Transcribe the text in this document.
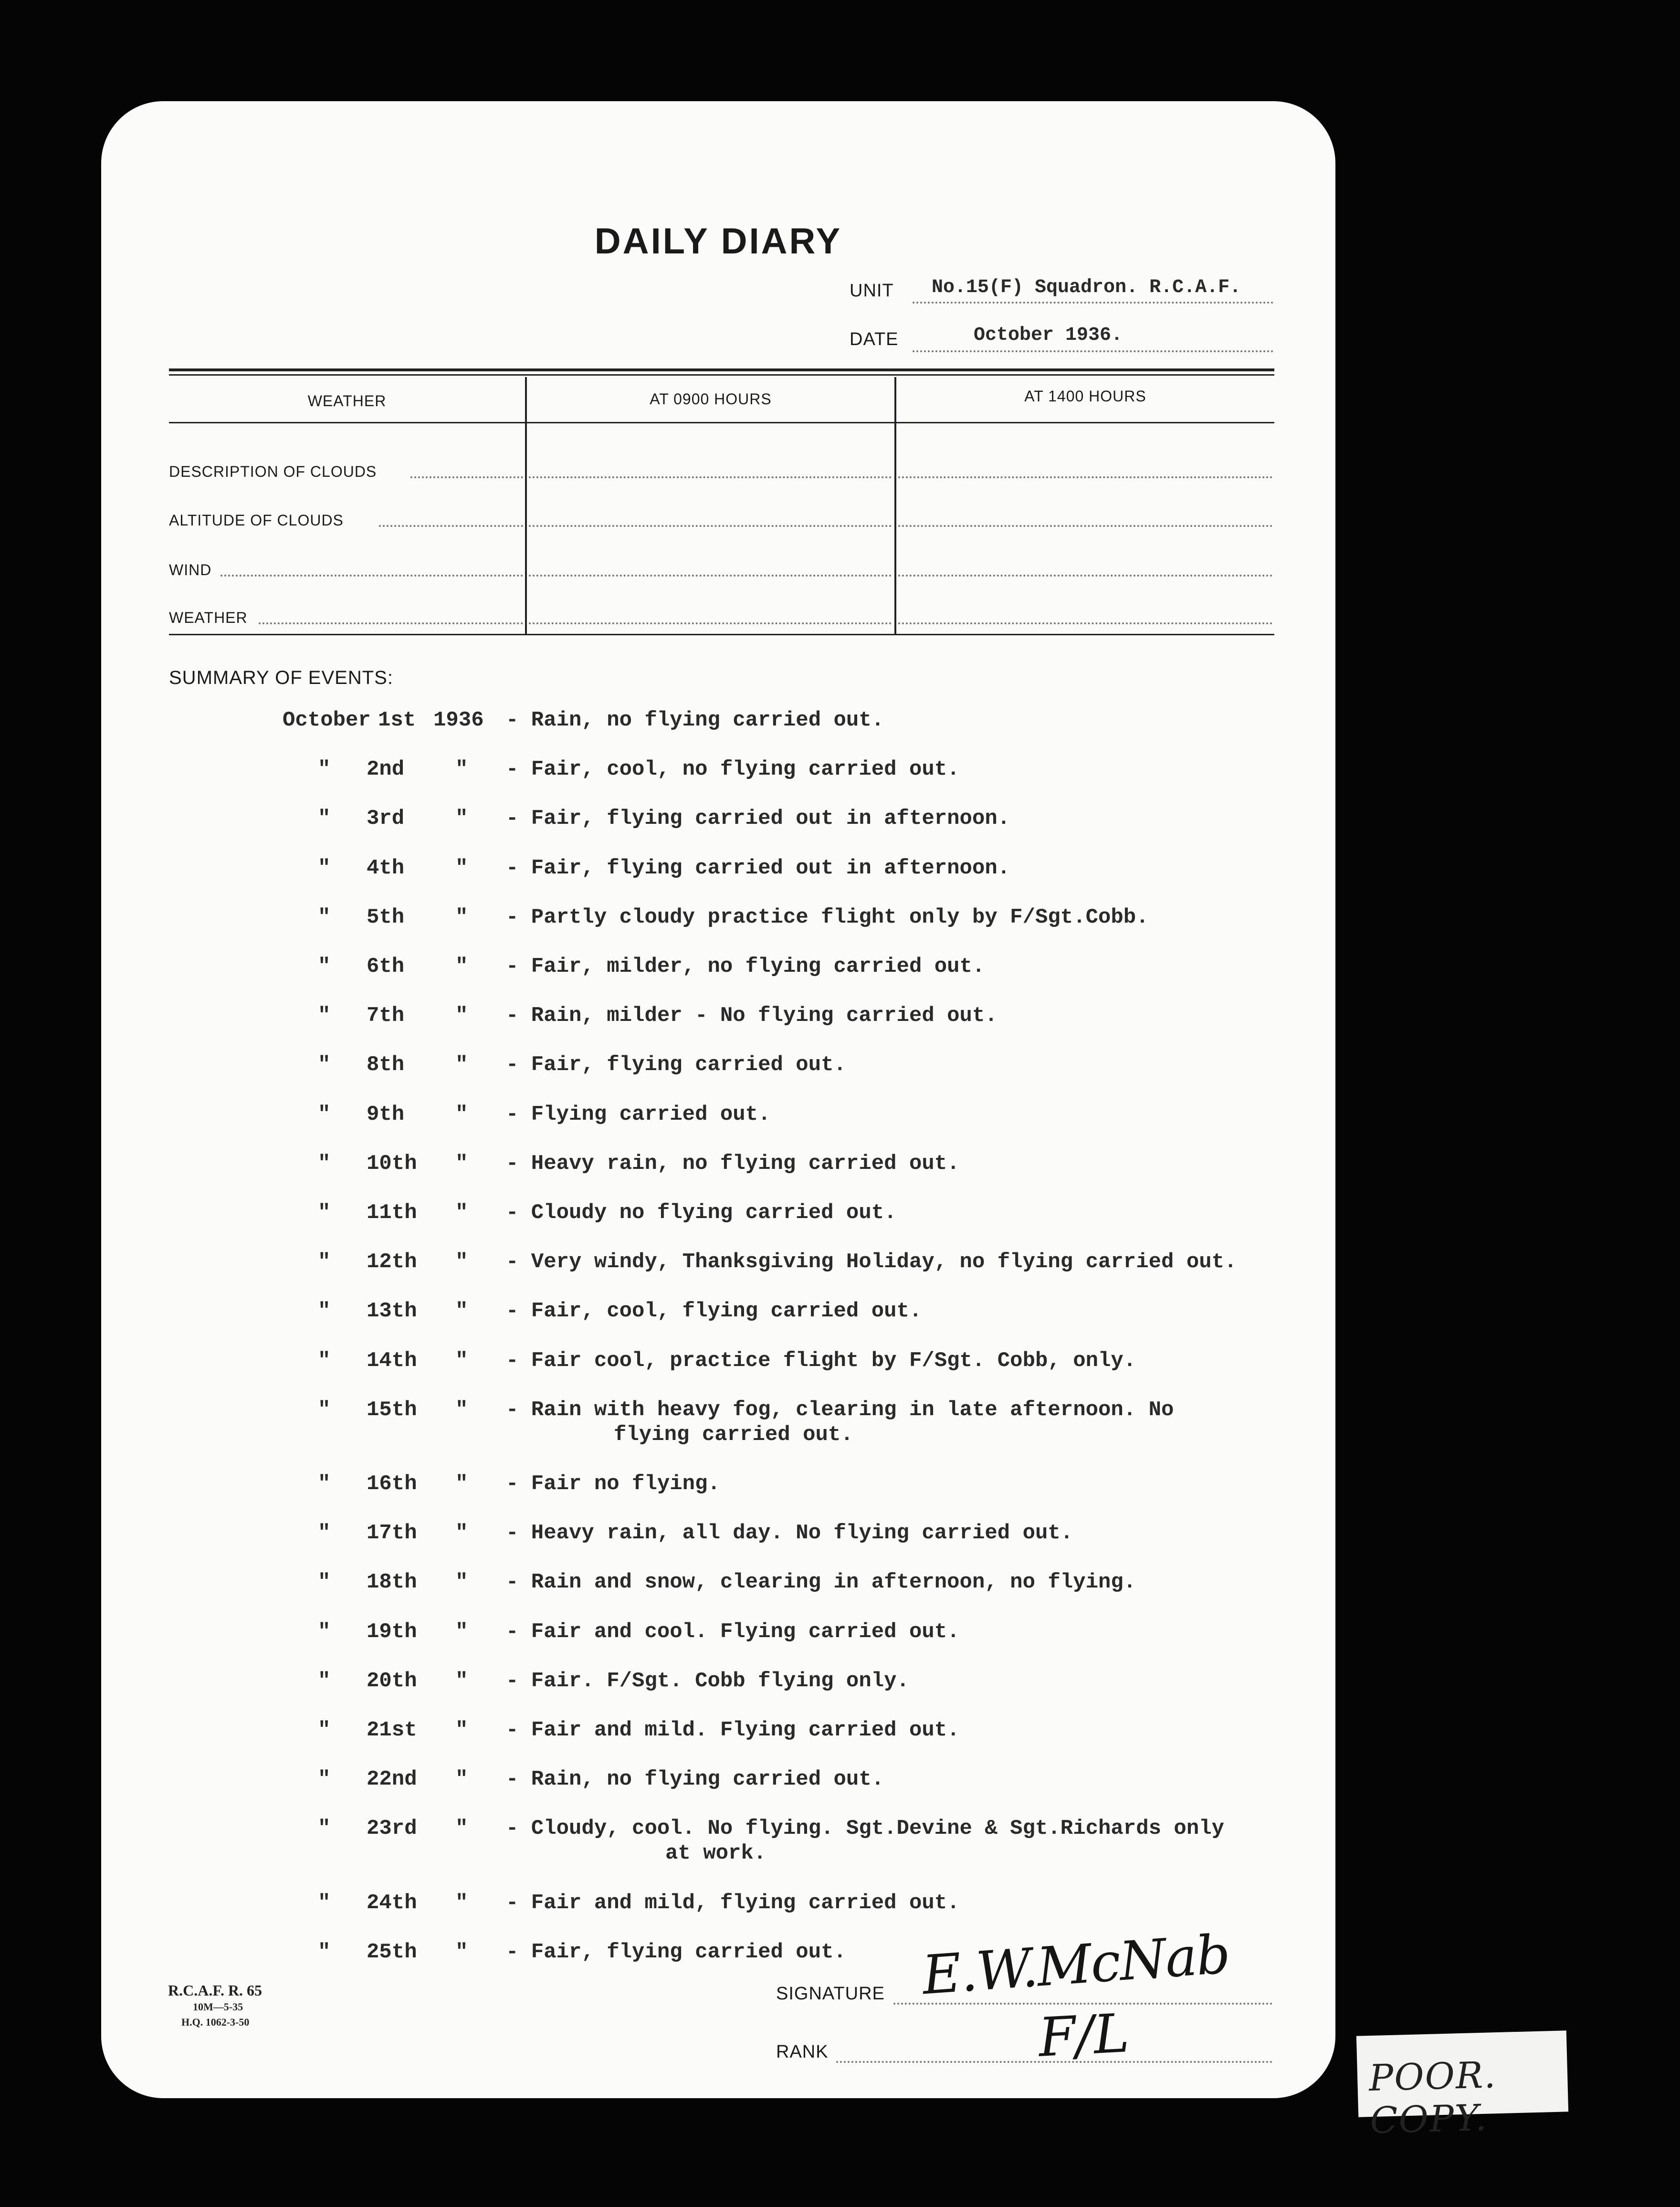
DAILY DIARY
UNIT No.15(F) Squadron. R.C.A.F.
DATE	October 1936.
WEATHER	AT 0900 HOURS	AT 1400 HOURS
DESCRIPTION OF CLOUDS
ALTITUDE OF CLOUDS
WIND
WEATHER
SUMMARY OF EVENTS:
October 1st 1936 - Rain, no flying carried out.
" 2nd " - Fair, cool, no flying carried out.
" 3rd " - Fair, flying carried out in afternoon.
" 4th " - Fair, flying carried out in afternoon.
" 5th " - Partly cloudy practice flight only by F/Sgt.Cobb.
" 6th " - Fair, milder, no flying carried out.
" 7th " - Rain, milder - No flying carried out.
" 8th " - Fair, flying carried out.
" 9th " - Flying carried out.
" 10th " - Heavy rain, no flying carried out.
" 11th " - Cloudy no flying carried out.
" 12th " - Very windy, Thanksgiving Holiday, no flying carried out.
" 13th " - Fair, cool, flying carried out.
" 14th " - Fair cool, practice flight by F/Sgt. Cobb, only.
" 15th " - Rain with heavy fog, clearing in late afternoon. No
flying carried out.
" 16th " - Fair no flying.
" 17th " - Heavy rain, all day. No flying carried out.
" 18th " - Rain and snow, clearing in afternoon, no flying.
" 19th " - Fair and cool. Flying carried out.
" 20th " - Fair. F/Sgt. Cobb flying only.
" 21st " - Fair and mild. Flying carried out.
" 22nd " - Rain, no flying carried out.
" 23rd " - Cloudy, cool. No flying. Sgt.Devine & Sgt.Richards only
at work.
" 24th " - Fair and mild, flying carried out.
" 25th " - Fair, flying carried out.
R.C.A.F. R. 65
10M—5-35
H.Q. 1062-3-50
SIGNATURE E.W.McNab
RANK	F/L
POOR. COPY.
